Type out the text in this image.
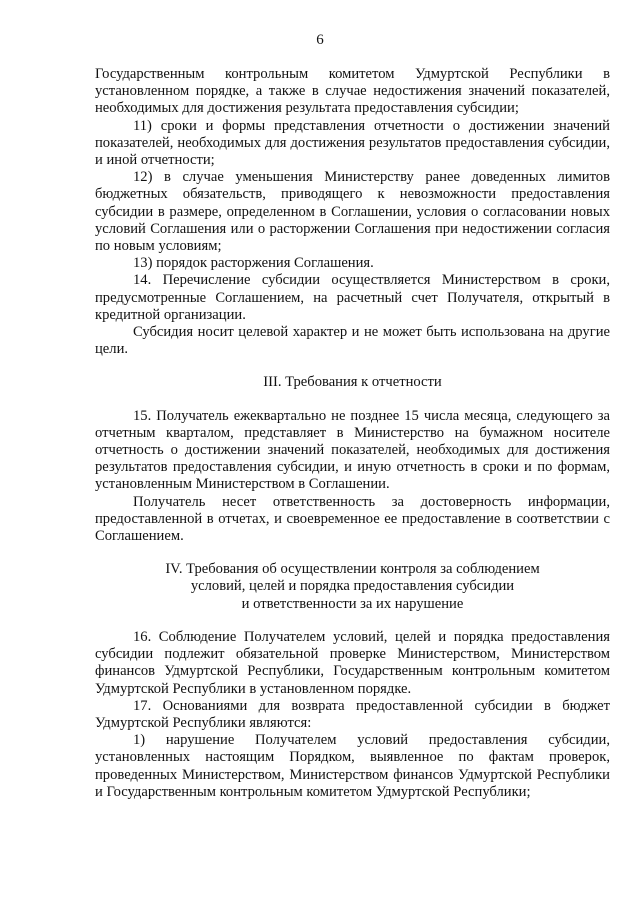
6

Государственным контрольным комитетом Удмуртской Республики в установленном порядке, а также в случае недостижения значений показателей, необходимых для достижения результата предоставления субсидии;

11) сроки и формы представления отчетности о достижении значений показателей, необходимых для достижения результатов предоставления субсидии, и иной отчетности;

12) в случае уменьшения Министерству ранее доведенных лимитов бюджетных обязательств, приводящего к невозможности предоставления субсидии в размере, определенном в Соглашении, условия о согласовании новых условий Соглашения или о расторжении Соглашения при недостижении согласия по новым условиям;

13) порядок расторжения Соглашения.

14. Перечисление субсидии осуществляется Министерством в сроки, предусмотренные Соглашением, на расчетный счет Получателя, открытый в кредитной организации.

Субсидия носит целевой характер и не может быть использована на другие цели.

III. Требования к отчетности

15. Получатель ежеквартально не позднее 15 числа месяца, следующего за отчетным кварталом, представляет в Министерство на бумажном носителе отчетность о достижении значений показателей, необходимых для достижения результатов предоставления субсидии, и иную отчетность в сроки и по формам, установленным Министерством в Соглашении.

Получатель несет ответственность за достоверность информации, предоставленной в отчетах, и своевременное ее предоставление в соответствии с Соглашением.

IV. Требования об осуществлении контроля за соблюдением

условий, целей и порядка предоставления субсидии

и ответственности за их нарушение

16. Соблюдение Получателем условий, целей и порядка предоставления субсидии подлежит обязательной проверке Министерством, Министерством финансов Удмуртской Республики, Государственным контрольным комитетом Удмуртской Республики в установленном порядке.

17. Основаниями для возврата предоставленной субсидии в бюджет Удмуртской Республики являются:

1) нарушение Получателем условий предоставления субсидии, установленных настоящим Порядком, выявленное по фактам проверок, проведенных Министерством, Министерством финансов Удмуртской Республики и Государственным контрольным комитетом Удмуртской Республики;
